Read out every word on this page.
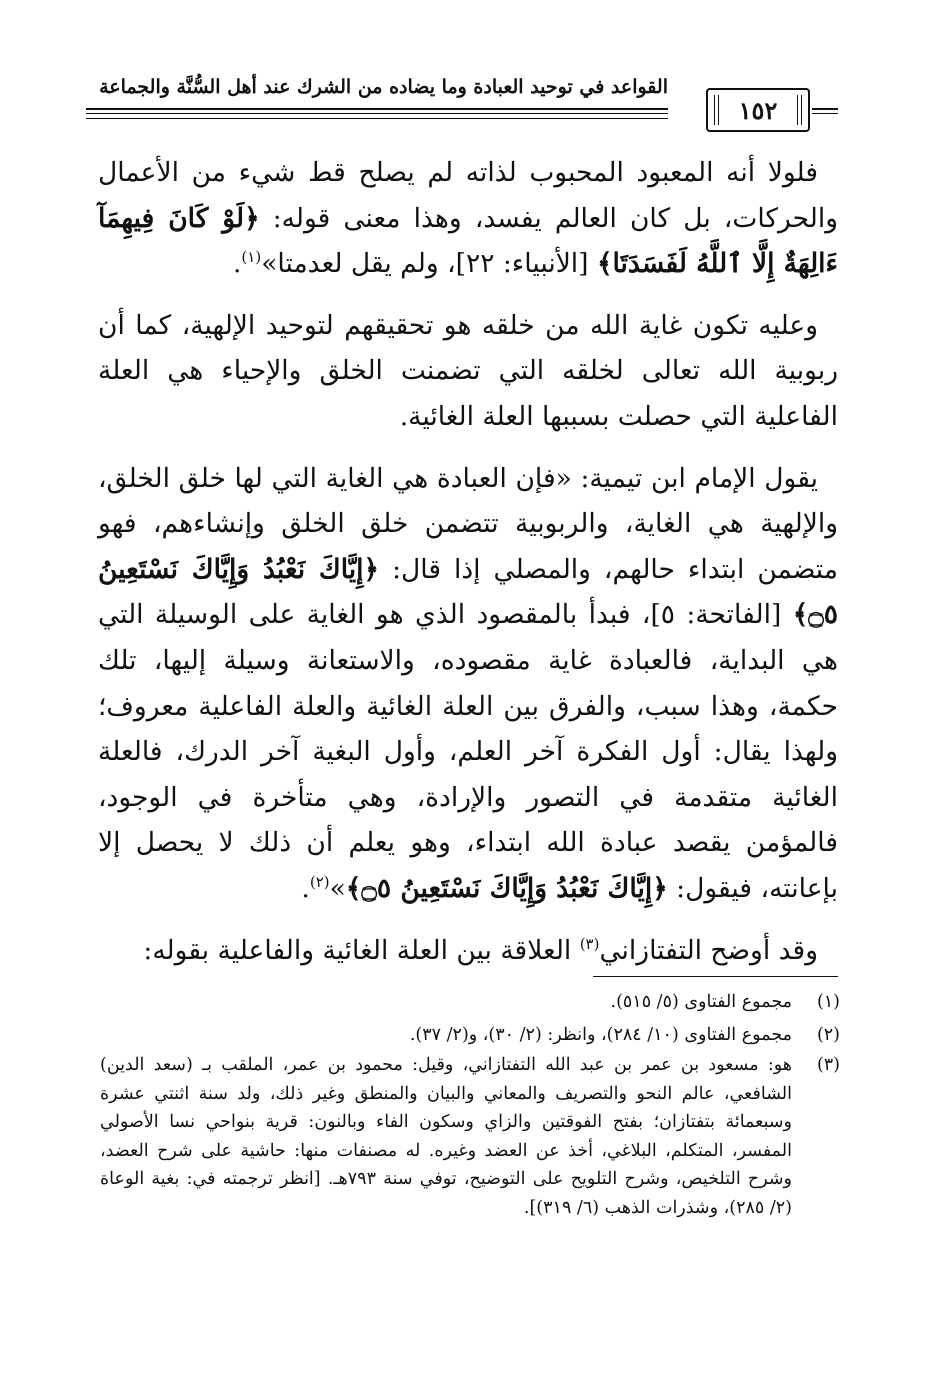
القواعد في توحيد العبادة وما يضاده من الشرك عند أهل السُّنَّة والجماعة
١٥٢

فلولا أنه المعبود المحبوب لذاته لم يصلح قط شيء من الأعمال والحركات، بل كان العالم يفسد، وهذا معنى قوله: ﴿لَوْ كَانَ فِيهِمَآ ءَالِهَةٌ إِلَّا ٱللَّهُ لَفَسَدَتَا﴾ [الأنبياء: ٢٢]، ولم يقل لعدمتا»$^{(١)}$.

وعليه تكون غاية الله من خلقه هو تحقيقهم لتوحيد الإلهية، كما أن ربوبية الله تعالى لخلقه التي تضمنت الخلق والإحياء هي العلة الفاعلية التي حصلت بسببها العلة الغائية.

يقول الإمام ابن تيمية: «فإن العبادة هي الغاية التي لها خلق الخلق، والإلهية هي الغاية، والربوبية تتضمن خلق الخلق وإنشاءهم، فهو متضمن ابتداء حالهم، والمصلي إذا قال: ﴿إِيَّاكَ نَعْبُدُ وَإِيَّاكَ نَسْتَعِينُ ۝٥﴾ [الفاتحة: ٥]، فبدأ بالمقصود الذي هو الغاية على الوسيلة التي هي البداية، فالعبادة غاية مقصوده، والاستعانة وسيلة إليها، تلك حكمة، وهذا سبب، والفرق بين العلة الغائية والعلة الفاعلية معروف؛ ولهذا يقال: أول الفكرة آخر العلم، وأول البغية آخر الدرك، فالعلة الغائية متقدمة في التصور والإرادة، وهي متأخرة في الوجود، فالمؤمن يقصد عبادة الله ابتداء، وهو يعلم أن ذلك لا يحصل إلا بإعانته، فيقول: ﴿إِيَّاكَ نَعْبُدُ وَإِيَّاكَ نَسْتَعِينُ ۝٥﴾»$^{(٢)}$.

وقد أوضح التفتازاني$^{(٣)}$ العلاقة بين العلة الغائية والفاعلية بقوله:

(١)
مجموع الفتاوى (٥/ ٥١٥).
(٢)
مجموع الفتاوى (١٠/ ٢٨٤)، وانظر: (٢/ ٣٠)، و(٢/ ٣٧).
(٣)
هو: مسعود بن عمر بن عبد الله التفتازاني، وقيل: محمود بن عمر، الملقب بـ (سعد الدين) الشافعي، عالم النحو والتصريف والمعاني والبيان والمنطق وغير ذلك، ولد سنة اثنتي عشرة وسبعمائة بتفتازان؛ بفتح الفوقتين والزاي وسكون الفاء وبالنون: قرية بنواحي نسا الأصولي المفسر، المتكلم، البلاغي، أخذ عن العضد وغيره. له مصنفات منها: حاشية على شرح العضد، وشرح التلخيص، وشرح التلويح على التوضيح، توفي سنة ٧٩٣هـ. [انظر ترجمته في: بغية الوعاة (٢/ ٢٨٥)، وشذرات الذهب (٦/ ٣١٩)].
